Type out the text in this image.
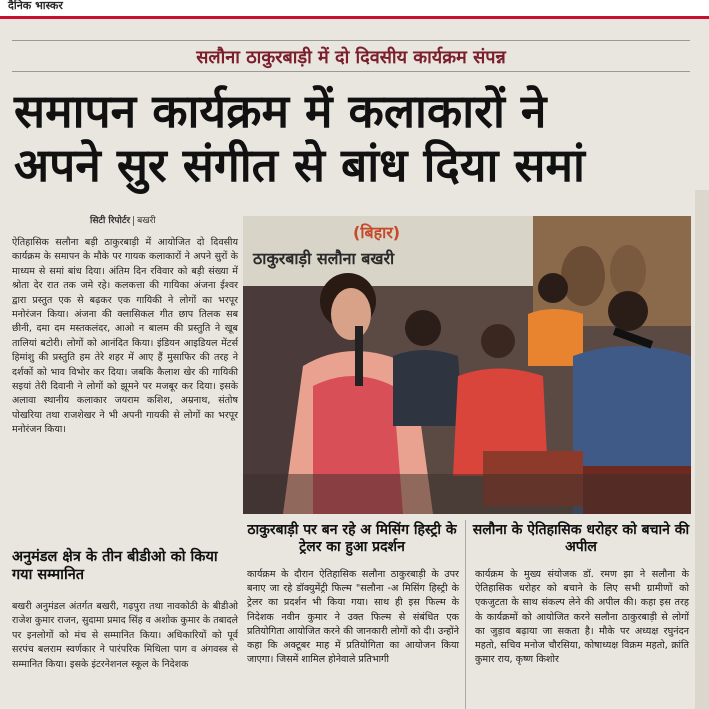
दैनिक भास्कर
सलौना ठाकुरबाड़ी में दो दिवसीय कार्यक्रम संपन्न
समापन कार्यक्रम में कलाकारों ने
अपने सुर संगीत से बांध दिया समां
सिटी रिपोर्टर बखरी
ऐतिहासिक सलौना बड़ी ठाकुरबाड़ी में आयोजित दो दिवसीय कार्यक्रम के समापन के मौके पर गायक कलाकारों ने अपने सुरों के माध्यम से समां बांध दिया। अंतिम दिन रविवार को बड़ी संख्या में श्रोता देर रात तक जमे रहे। कलकत्ता की गायिका अंजना ईश्वर द्वारा प्रस्तुत एक से बढ़कर एक गायिकी ने लोगों का भरपूर मनोरंजन किया। अंजना की क्लासिकल गीत छाप तिलक सब छीनी, दमा दम मस्तकलंदर, आओ न बालम की प्रस्तुति ने खूब तालियां बटोरी। लोगों को आनंदित किया। इंडियन आइडियल मेंटर्स हिमांशु की प्रस्तुति हम तेरे शहर में आए हैं मुसाफिर की तरह ने दर्शकों को भाव विभोर कर दिया। जबकि कैलाश खेर की गायिकी सइयां तेरी दिवानी ने लोगों को झूमने पर मजबूर कर दिया। इसके अलावा स्थानीय कलाकार जयराम कशिश, अम्रनाथ, संतोष पोखरिया तथा राजशेखर ने भी अपनी गायकी से लोगों का भरपूर मनोरंजन किया।
अनुमंडल क्षेत्र के तीन बीडीओ को किया गया सम्मानित
बखरी अनुमंडल अंतर्गत बखरी, गढ़पुरा तथा नावकोठी के बीडीओ राजेश कुमार राजन, सुदामा प्रमाद सिंह व अशोक कुमार के तबादले पर इनलोगों को मंच से सम्मानित किया। अधिकारियों को पूर्व सरपंच बलराम स्वर्णकार ने पारंपरिक मिथिला पाग व अंगवस्त्र से सम्मानित किया। इसके इंटरनेशनल स्कूल के निदेशक
(बिहार)
ठाकुरबाड़ी सलौना बखरी
ठाकुरबाड़ी पर बन रहे अ मिसिंग हिस्ट्री के ट्रेलर का हुआ प्रदर्शन
कार्यक्रम के दौरान ऐतिहासिक सलौना ठाकुरबाड़ी के उपर बनाए जा रहे डॉक्युमेंट्री फिल्म "सलौना -अ मिसिंग हिस्ट्री के ट्रेलर का प्रदर्शन भी किया गया। साथ ही इस फिल्म के निदेशक नवीन कुमार ने उक्त फिल्म से संबंधित एक प्रतियोगिता आयोजित करने की जानकारी लोगों को दी। उन्होंने कहा कि अक्टूबर माह में प्रतियोगिता का आयोजन किया जाएगा। जिसमें शामिल होनेवाले प्रतिभागी
सलौना के ऐतिहासिक धरोहर को बचाने की अपील
कार्यक्रम के मुख्य संयोजक डॉ. रमण झा ने सलौना के ऐतिहासिक धरोहर को बचाने के लिए सभी ग्रामीणों को एकजुटता के साथ संकल्प लेने की अपील की। कहा इस तरह के कार्यक्रमों को आयोजित करने सलौना ठाकुरबाड़ी से लोगों का जुड़ाव बढ़ाया जा सकता है। मौके पर अध्यक्ष रघुनंदन महतो, सचिव मनोज चौरसिया, कोषाध्यक्ष विक्रम महतो, क्रांति कुमार राय, कृष्ण किशोर
